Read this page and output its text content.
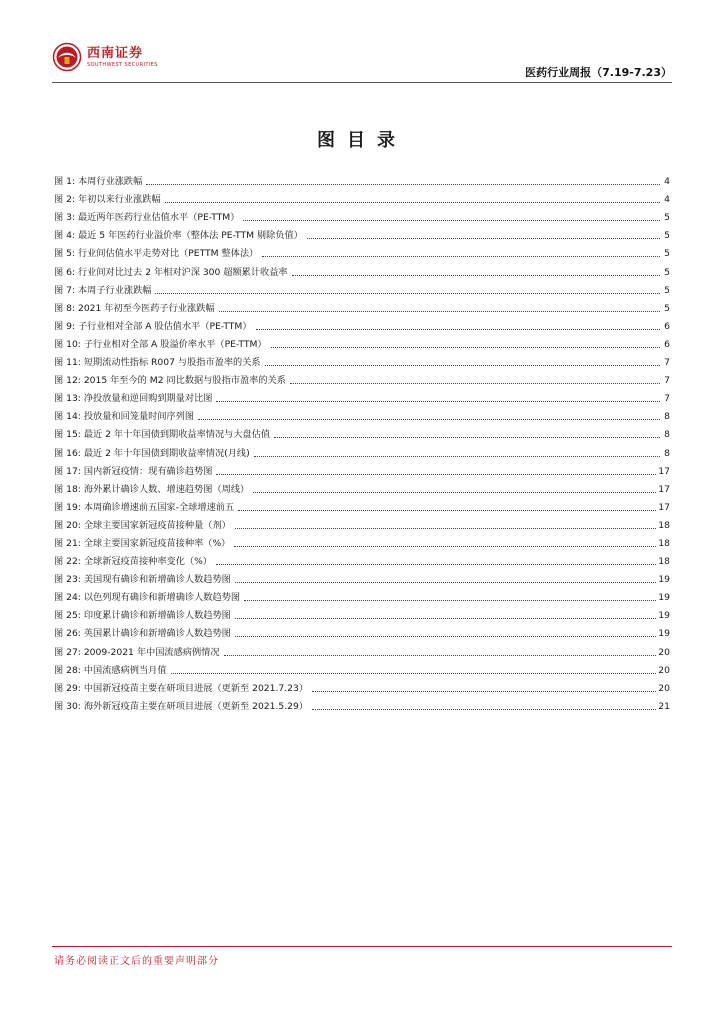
西南证券
SOUTHWEST SECURITIES
医药行业周报（7.19-7.23）
图目录
图 1: 本周行业涨跌幅	4
图 2: 年初以来行业涨跌幅	4
图 3: 最近两年医药行业估值水平（PE-TTM）	5
图 4: 最近 5 年医药行业溢价率（整体法 PE-TTM 剔除负值）	5
图 5: 行业间估值水平走势对比（PETTM 整体法）	5
图 6: 行业间对比过去 2 年相对沪深 300 超额累计收益率	5
图 7: 本周子行业涨跌幅	5
图 8: 2021 年初至今医药子行业涨跌幅	5
图 9: 子行业相对全部 A 股估值水平（PE-TTM）	6
图 10: 子行业相对全部 A 股溢价率水平（PE-TTM）	6
图 11: 短期流动性指标 R007 与股指市盈率的关系	7
图 12: 2015 年至今的 M2 同比数据与股指市盈率的关系	7
图 13: 净投放量和逆回购到期量对比图	7
图 14: 投放量和回笼量时间序列图	8
图 15: 最近 2 年十年国债到期收益率情况与大盘估值	8
图 16: 最近 2 年十年国债到期收益率情况(月线)	8
图 17: 国内新冠疫情：现有确诊趋势图	17
图 18: 海外累计确诊人数、增速趋势图（周线）	17
图 19: 本周确诊增速前五国家-全球增速前五	17
图 20: 全球主要国家新冠疫苗接种量（剂）	18
图 21: 全球主要国家新冠疫苗接种率（%）	18
图 22: 全球新冠疫苗接种率变化（%）	18
图 23: 美国现有确诊和新增确诊人数趋势图	19
图 24: 以色列现有确诊和新增确诊人数趋势图	19
图 25: 印度累计确诊和新增确诊人数趋势图	19
图 26: 英国累计确诊和新增确诊人数趋势图	19
图 27: 2009-2021 年中国流感病例情况	20
图 28: 中国流感病例当月值	20
图 29: 中国新冠疫苗主要在研项目进展（更新至 2021.7.23）	20
图 30: 海外新冠疫苗主要在研项目进展（更新至 2021.5.29）	21
请务必阅读正文后的重要声明部分
